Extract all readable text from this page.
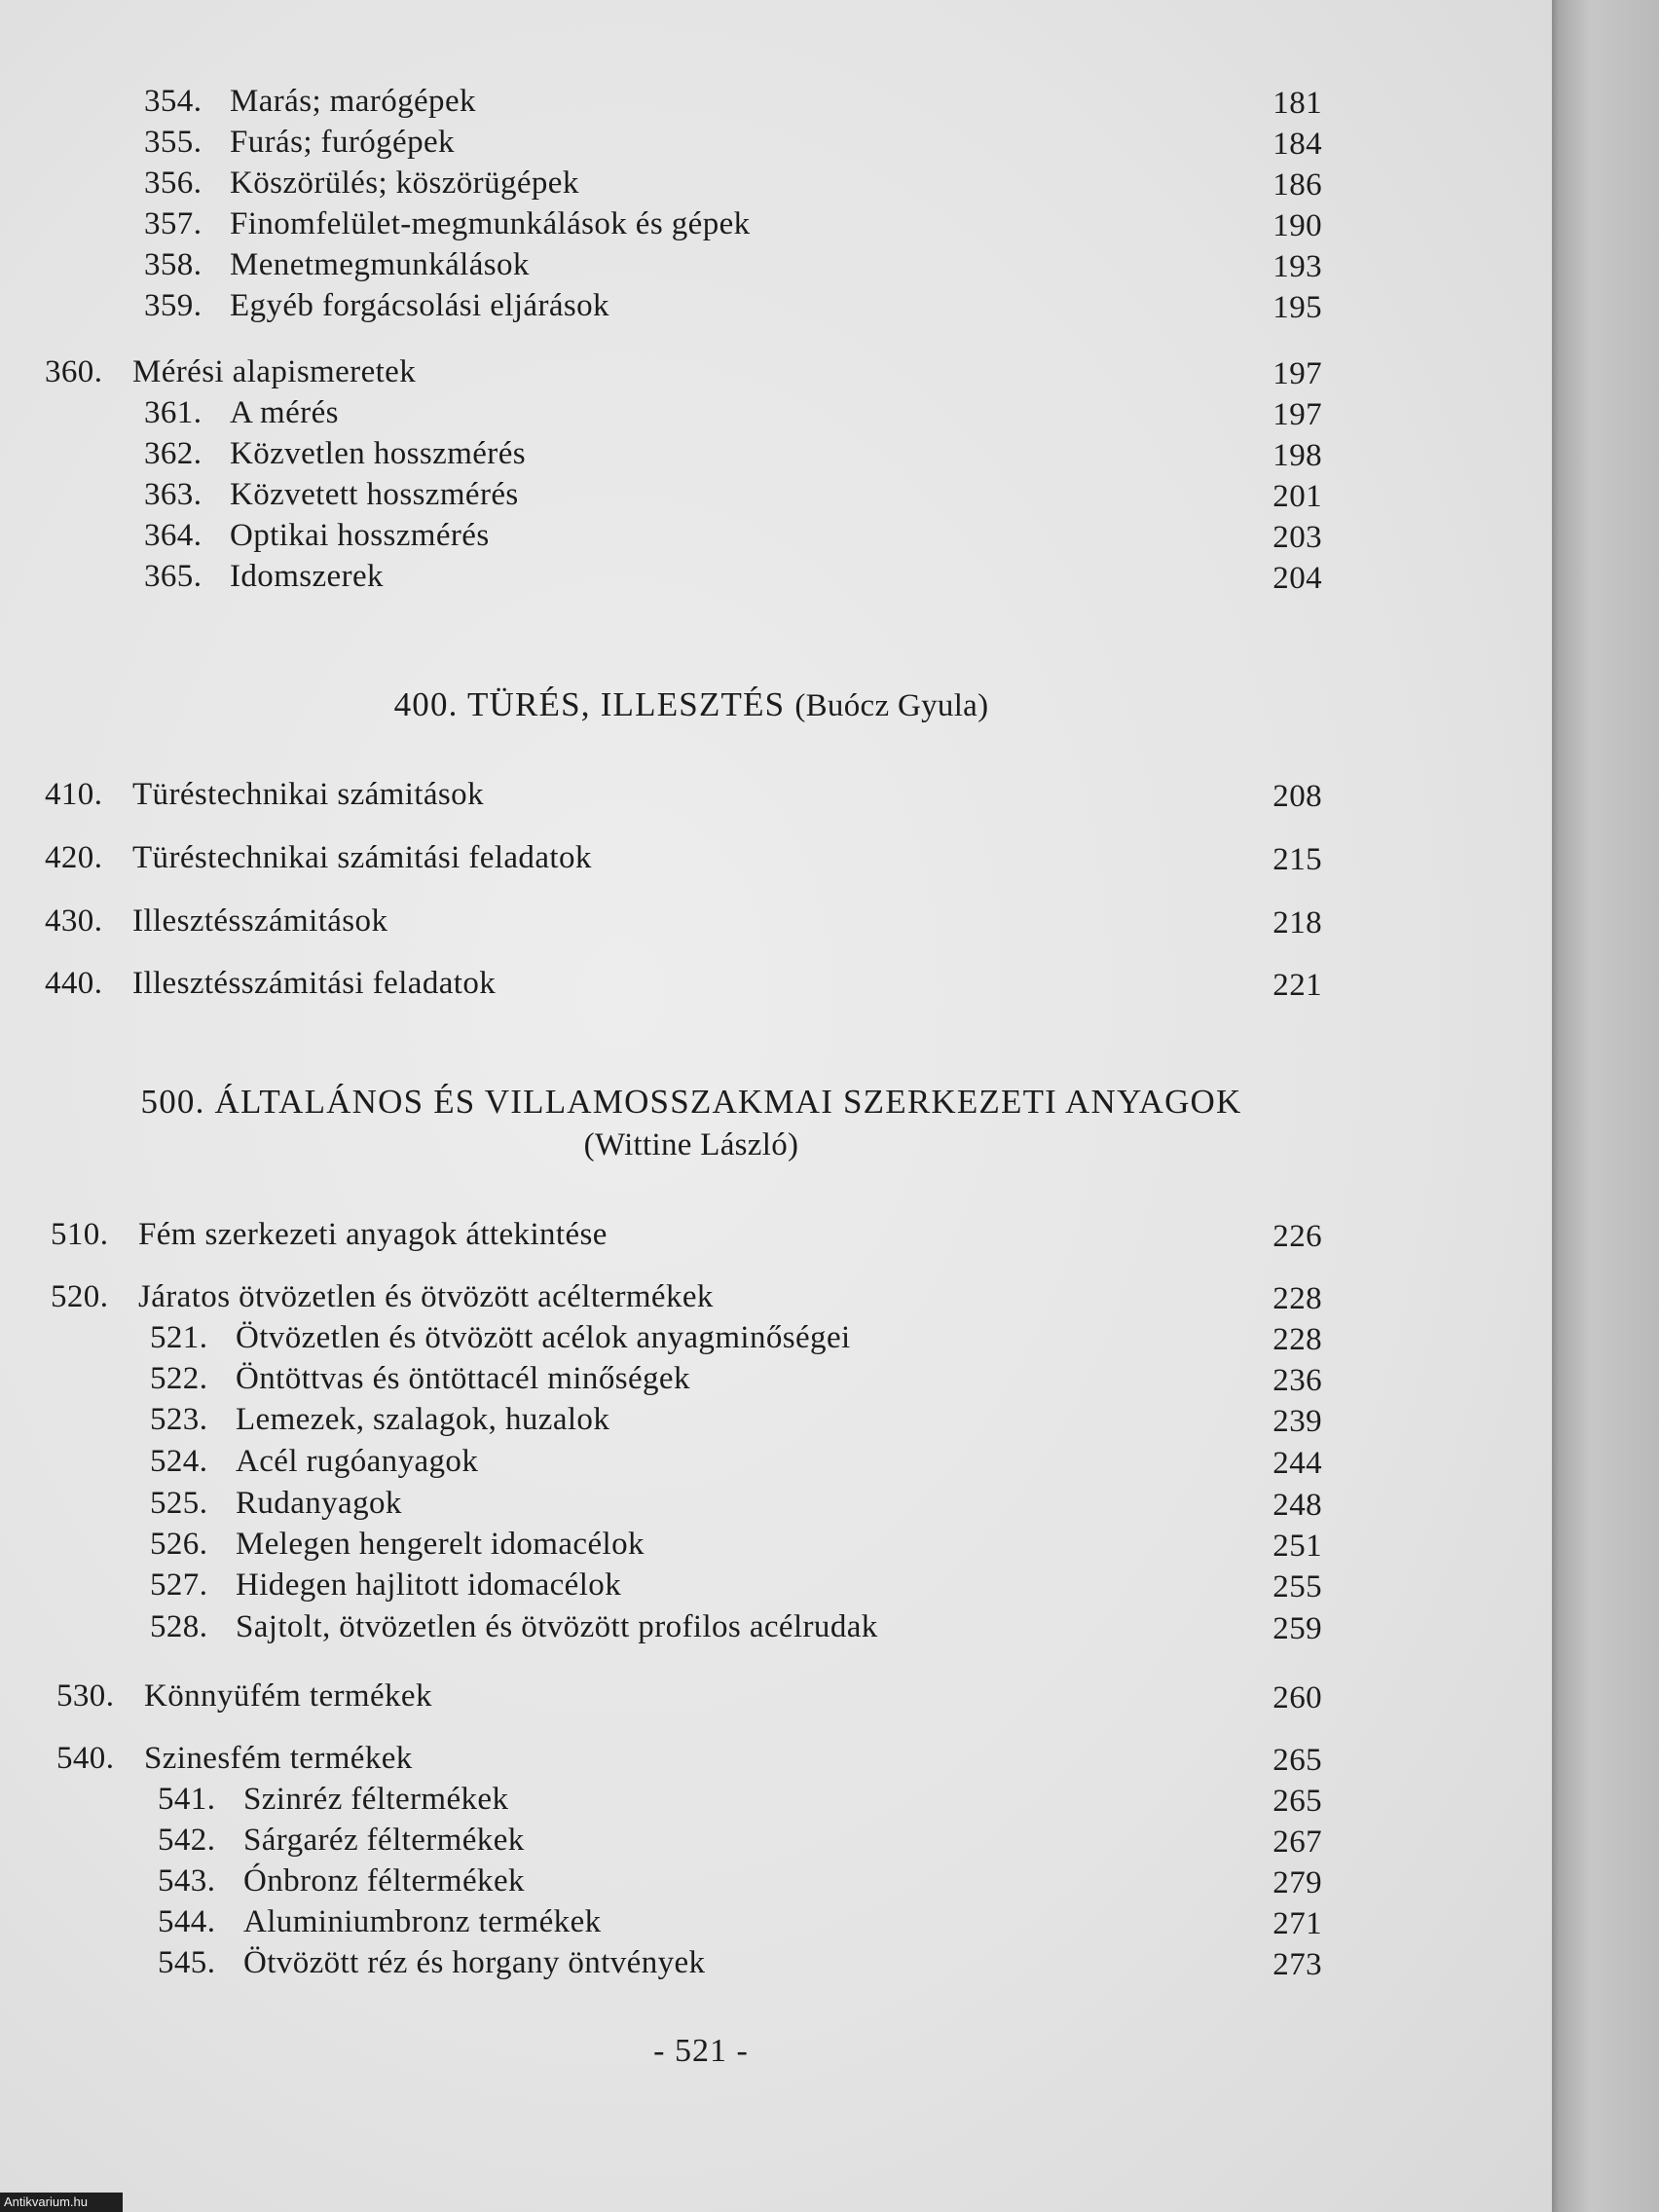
354. Marás; marógépek	181
355. Furás; furógépek	184
356. Köszörülés; köszörügépek	186
357. Finomfelület-megmunkálások és gépek	190
358. Menetmegmunkálások	193
359. Egyéb forgácsolási eljárások	195
360. Mérési alapismeretek	197
361. A mérés	197
362. Közvetlen hosszmérés	198
363. Közvetett hosszmérés	201
364. Optikai hosszmérés	203
365. Idomszerek	204
400. TÜRÉS, ILLESZTÉS (Buócz Gyula)
410. Türéstechnikai számitások	208
420. Türéstechnikai számitási feladatok	215
430. Illesztésszámitások	218
440. Illesztésszámitási feladatok	221
500. ÁLTALÁNOS ÉS VILLAMOSSZAKMAI SZERKEZETI ANYAGOK
(Wittine László)
510. Fém szerkezeti anyagok áttekintése	226
520. Járatos ötvözetlen és ötvözött acéltermékek	228
521. Ötvözetlen és ötvözött acélok anyagminőségei	228
522. Öntöttvas és öntöttacél minőségek	236
523. Lemezek, szalagok, huzalok	239
524. Acél rugóanyagok	244
525. Rudanyagok	248
526. Melegen hengerelt idomacélok	251
527. Hidegen hajlitott idomacélok	255
528. Sajtolt, ötvözetlen és ötvözött profilos acélrudak	259
530. Könnyüfém termékek	260
540. Szinesfém termékek	265
541. Szinréz féltermékek	265
542. Sárgaréz féltermékek	267
543. Ónbronz féltermékek	279
544. Aluminiumbronz termékek	271
545. Ötvözött réz és horgany öntvények	273
- 521 -
Antikvarium.hu
